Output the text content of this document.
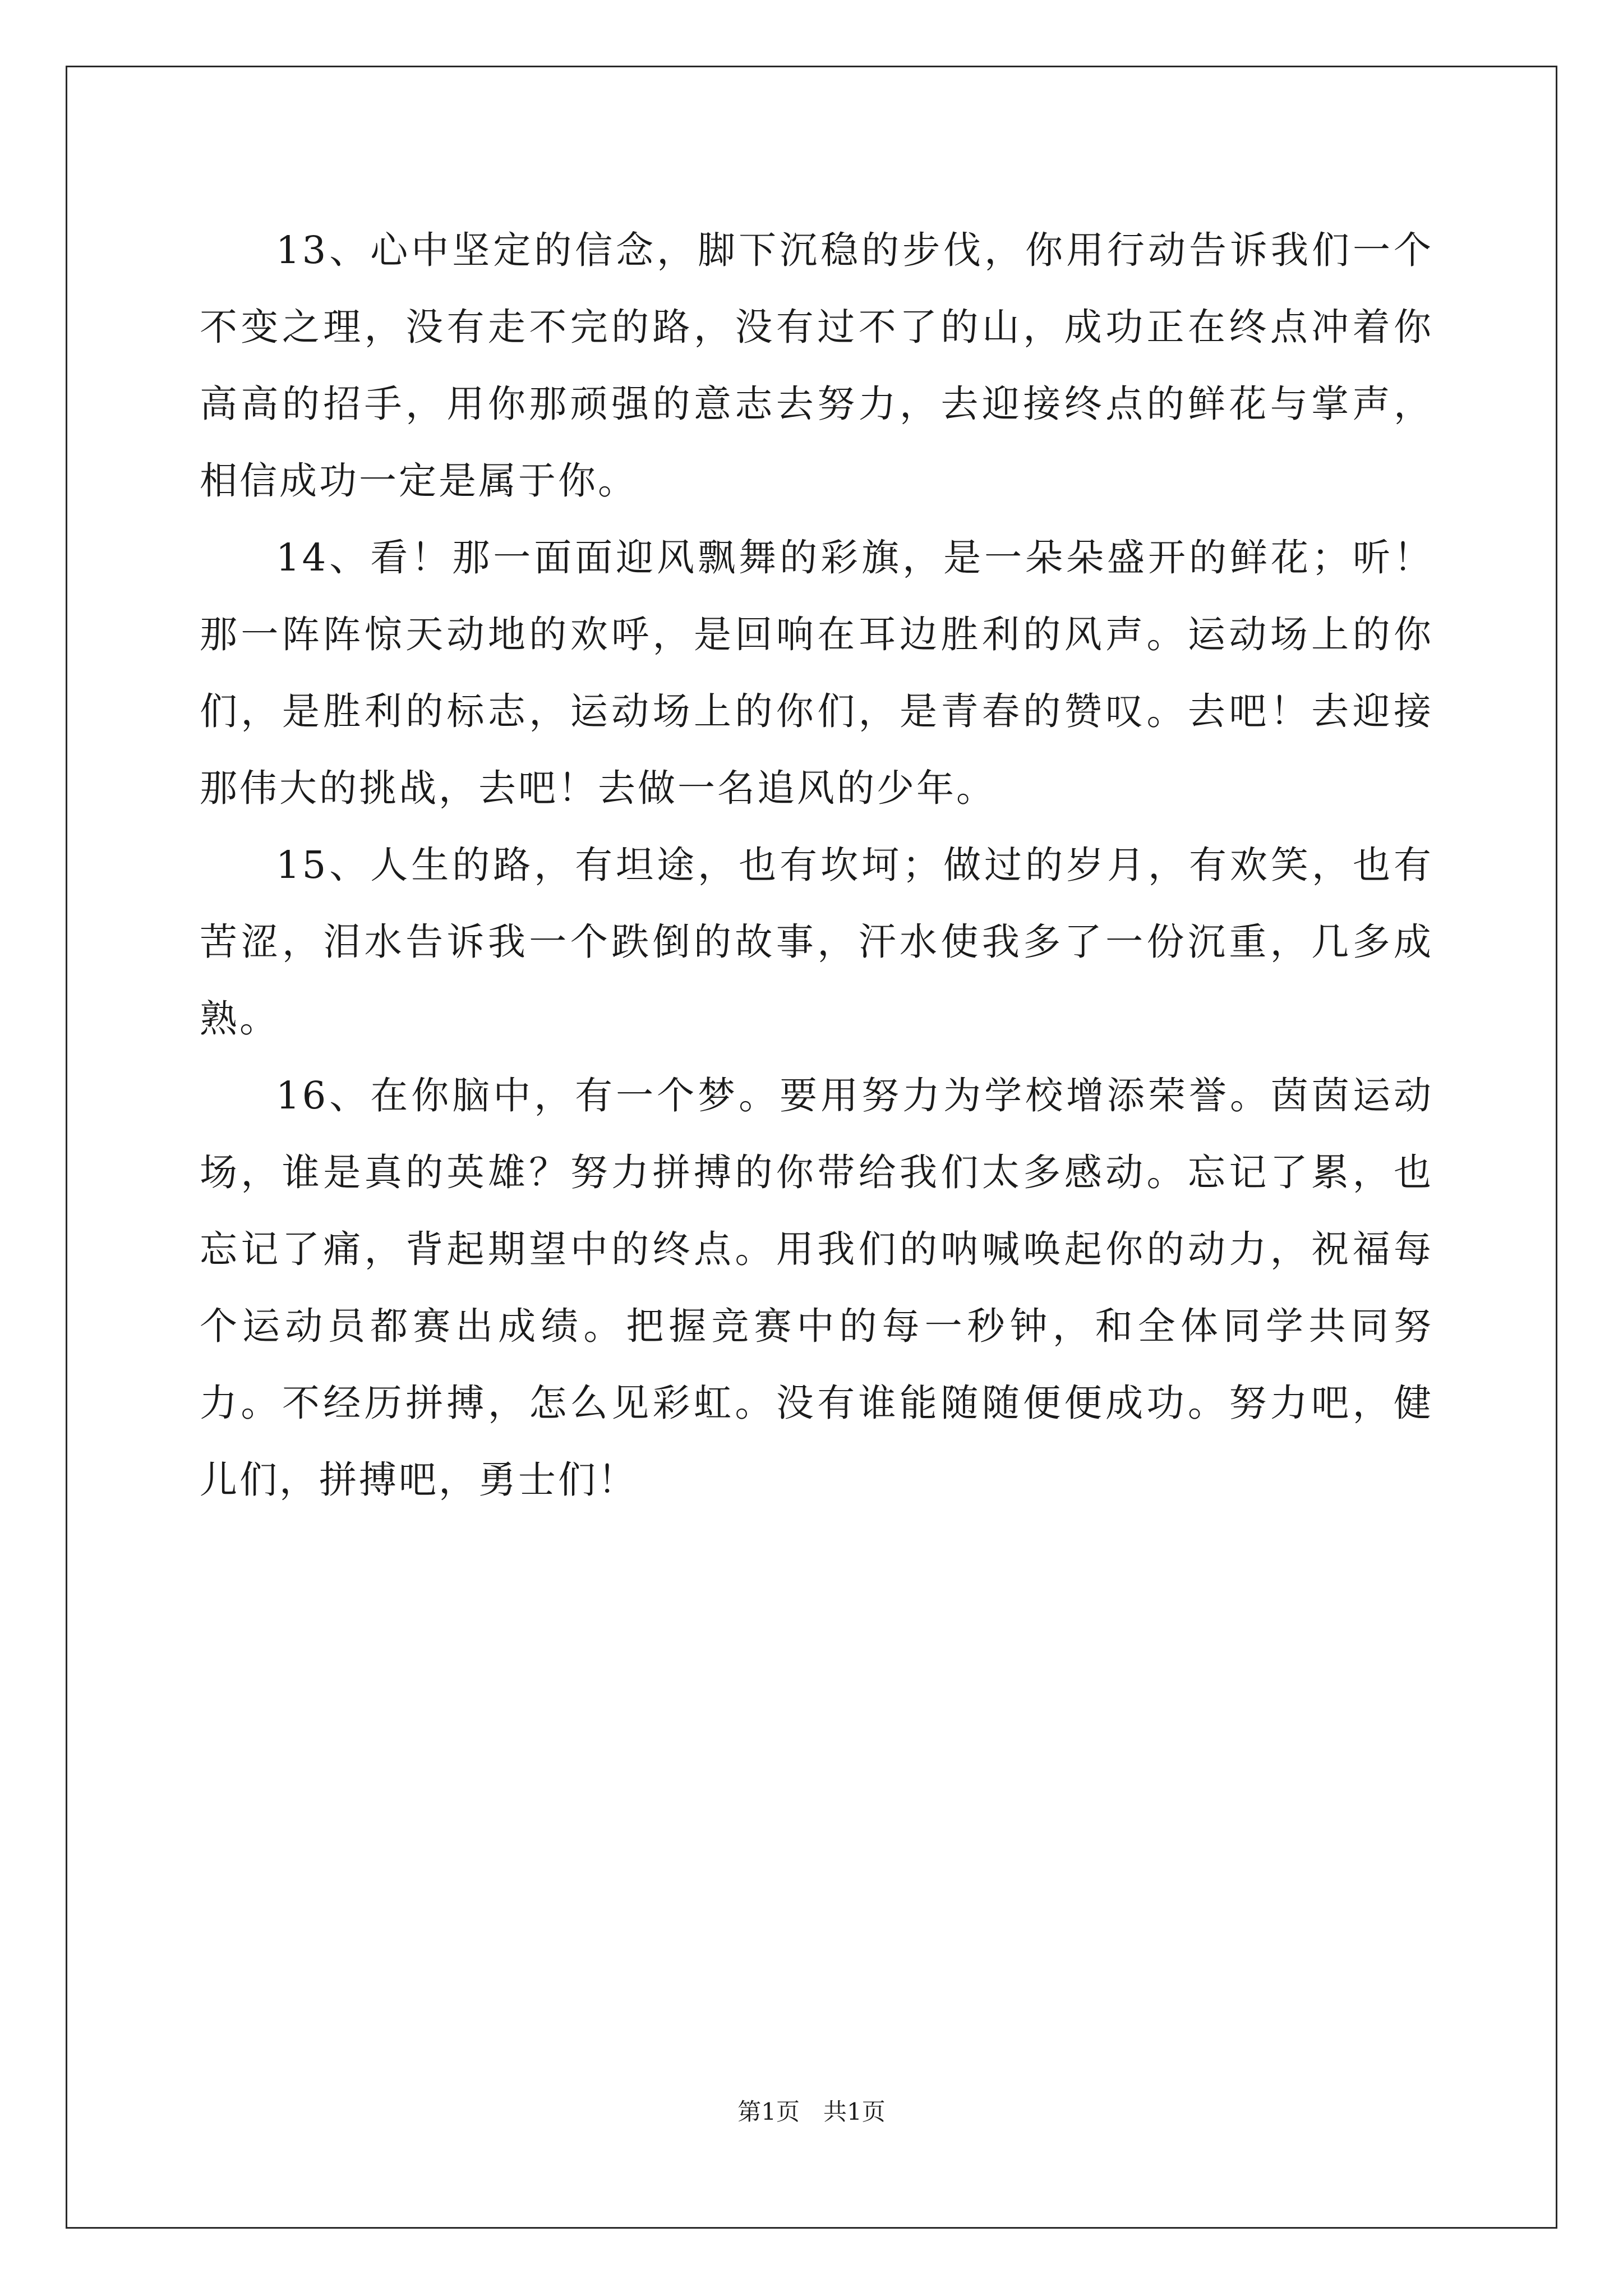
13、心中坚定的信念，脚下沉稳的步伐，你用行动告诉我们一个不变之理，没有走不完的路，没有过不了的山，成功正在终点冲着你高高的招手，用你那顽强的意志去努力，去迎接终点的鲜花与掌声，相信成功一定是属于你。

14、看！那一面面迎风飘舞的彩旗，是一朵朵盛开的鲜花；听！那一阵阵惊天动地的欢呼，是回响在耳边胜利的风声。运动场上的你们，是胜利的标志，运动场上的你们，是青春的赞叹。去吧！去迎接那伟大的挑战，去吧！去做一名追风的少年。

15、人生的路，有坦途，也有坎坷；做过的岁月，有欢笑，也有苦涩，泪水告诉我一个跌倒的故事，汗水使我多了一份沉重，几多成熟。

16、在你脑中，有一个梦。要用努力为学校增添荣誉。茵茵运动场，谁是真的英雄？努力拼搏的你带给我们太多感动。忘记了累，也忘记了痛，背起期望中的终点。用我们的呐喊唤起你的动力，祝福每个运动员都赛出成绩。把握竞赛中的每一秒钟，和全体同学共同努力。不经历拼搏，怎么见彩虹。没有谁能随随便便成功。努力吧，健儿们，拼搏吧，勇士们！

第1页　共1页
